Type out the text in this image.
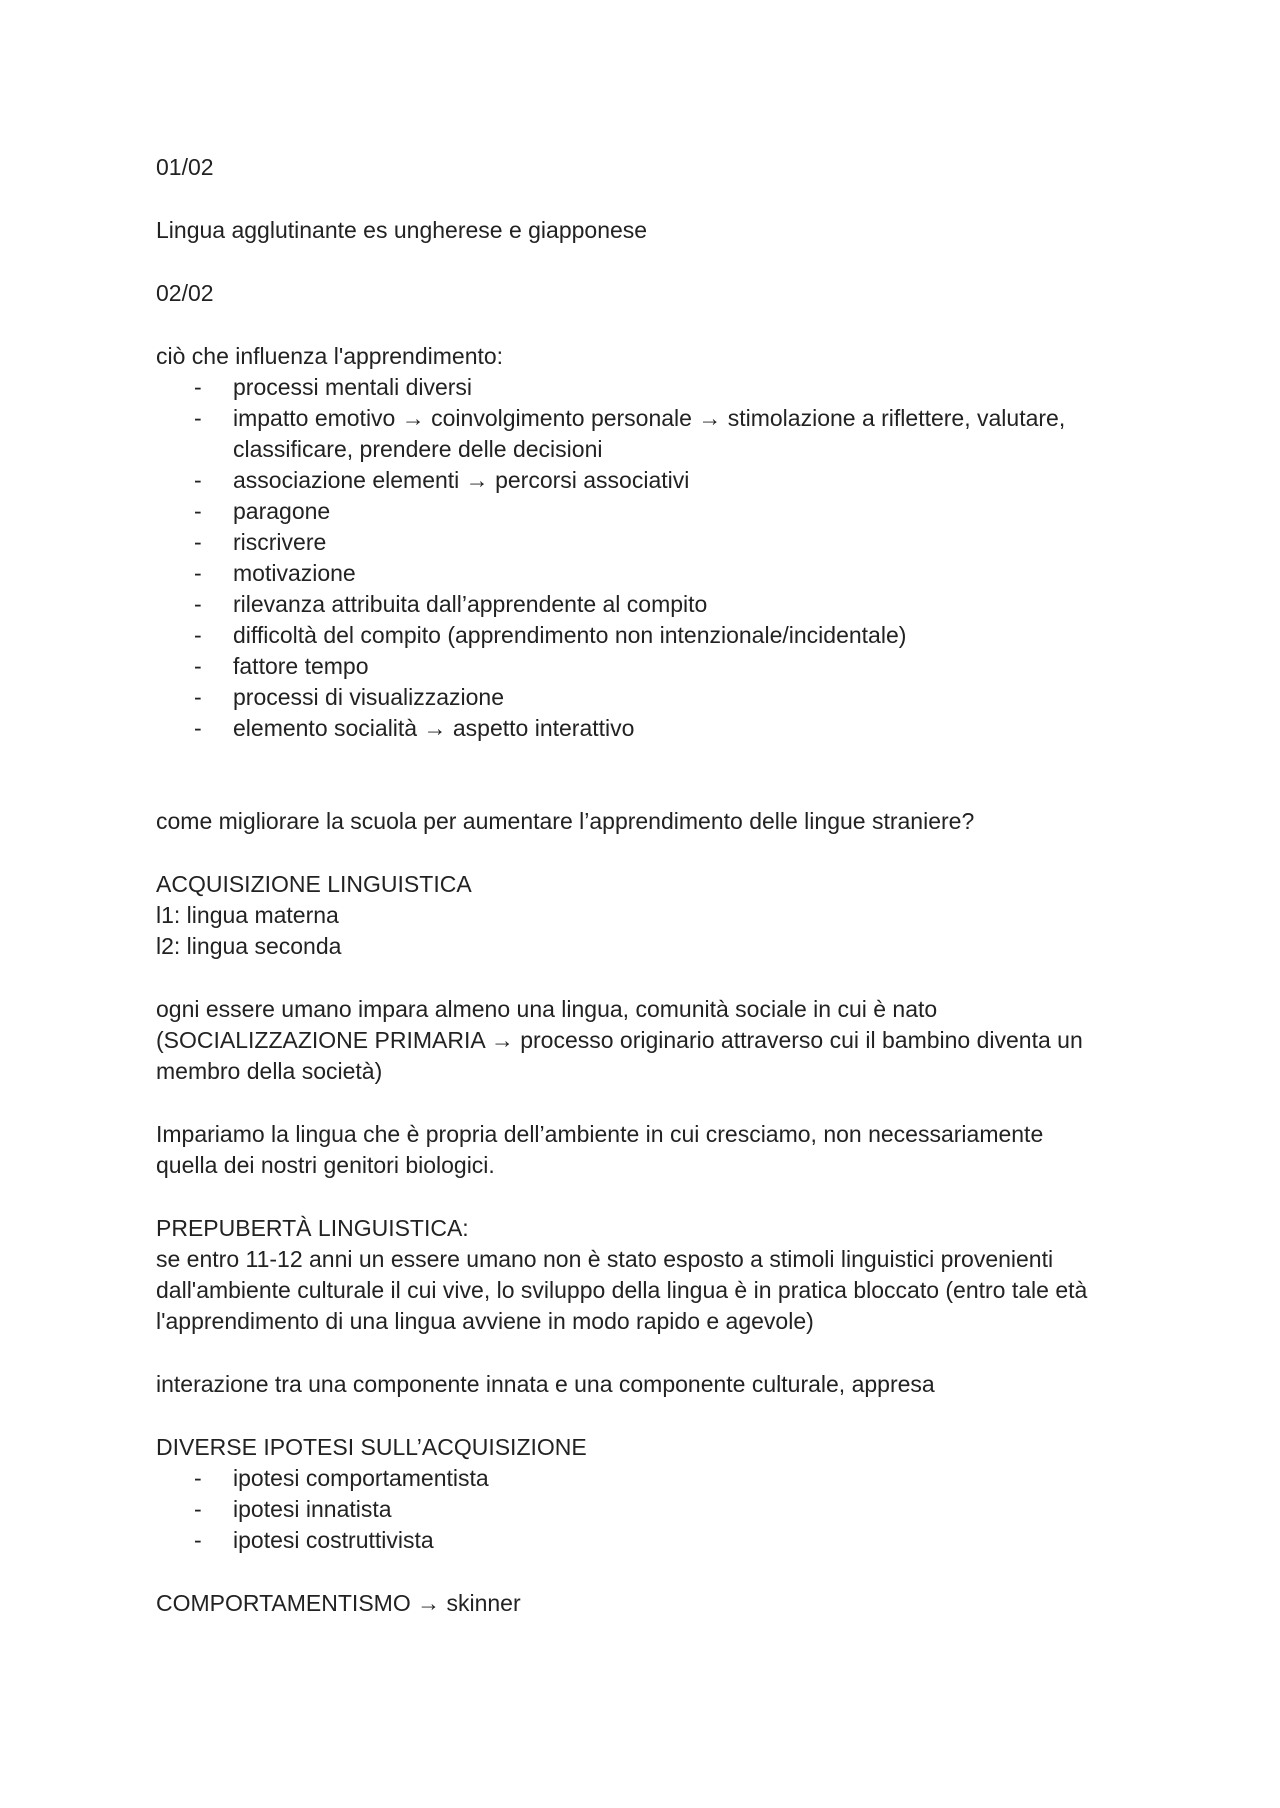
01/02

Lingua agglutinante es ungherese e giapponese

02/02

ciò che influenza l'apprendimento:

- processi mentali diversi
- impatto emotivo → coinvolgimento personale → stimolazione a riflettere, valutare,
classificare, prendere delle decisioni
- associazione elementi → percorsi associativi
- paragone
- riscrivere
- motivazione
- rilevanza attribuita dall’apprendente al compito
- difficoltà del compito (apprendimento non intenzionale/incidentale)
- fattore tempo
- processi di visualizzazione
- elemento socialità → aspetto interattivo

come migliorare la scuola per aumentare l’apprendimento delle lingue straniere?

ACQUISIZIONE LINGUISTICA

l1: lingua materna

l2: lingua seconda

ogni essere umano impara almeno una lingua, comunità sociale in cui è nato

(SOCIALIZZAZIONE PRIMARIA → processo originario attraverso cui il bambino diventa un

membro della società)

Impariamo la lingua che è propria dell’ambiente in cui cresciamo, non necessariamente

quella dei nostri genitori biologici.

PREPUBERTÀ LINGUISTICA:

se entro 11-12 anni un essere umano non è stato esposto a stimoli linguistici provenienti

dall'ambiente culturale il cui vive, lo sviluppo della lingua è in pratica bloccato (entro tale età

l'apprendimento di una lingua avviene in modo rapido e agevole)

interazione tra una componente innata e una componente culturale, appresa

DIVERSE IPOTESI SULL’ACQUISIZIONE

- ipotesi comportamentista
- ipotesi innatista
- ipotesi costruttivista

COMPORTAMENTISMO → skinner
